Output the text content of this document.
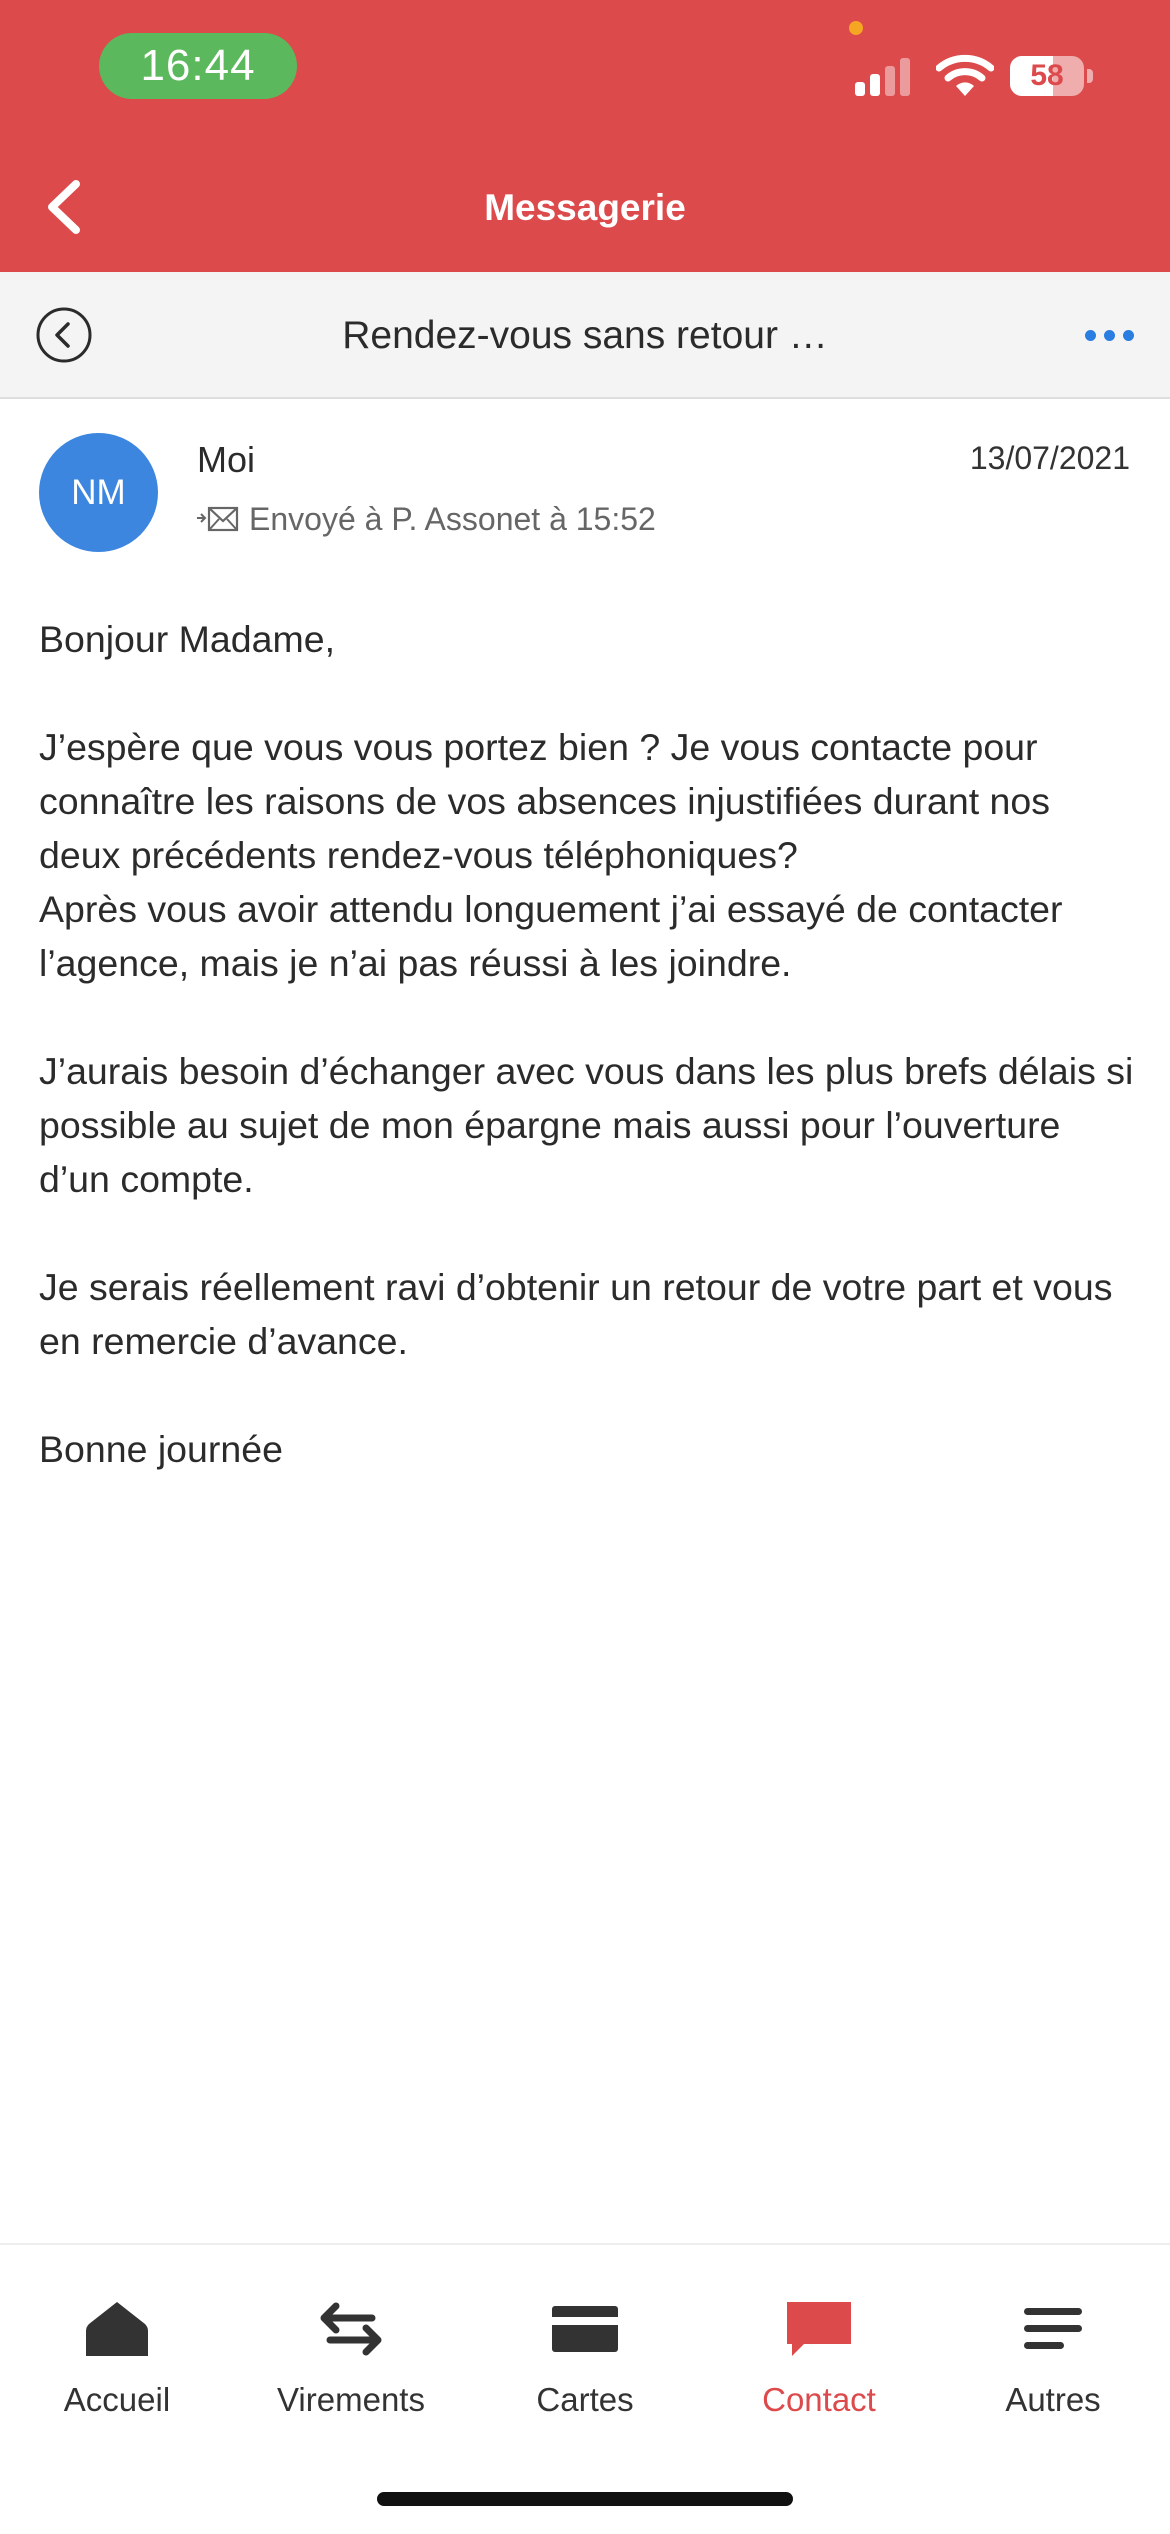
16:44	58
Messagerie
Rendez-vous sans retour …
NM
Moi	13/07/2021
Envoyé à P. Assonet à 15:52

Bonjour Madame,

J’espère que vous vous portez bien ? Je vous contacte pour connaître les raisons de vos absences injustifiées durant nos deux précédents rendez-vous téléphoniques?
Après vous avoir attendu longuement j’ai essayé de contacter l’agence, mais je n’ai pas réussi à les joindre.

J’aurais besoin d’échanger avec vous dans les plus brefs délais si possible au sujet de mon épargne mais aussi pour l’ouverture d’un compte.

Je serais réellement ravi d’obtenir un retour de votre part et vous en remercie d’avance.

Bonne journée

Accueil	Virements	Cartes	Contact	Autres
